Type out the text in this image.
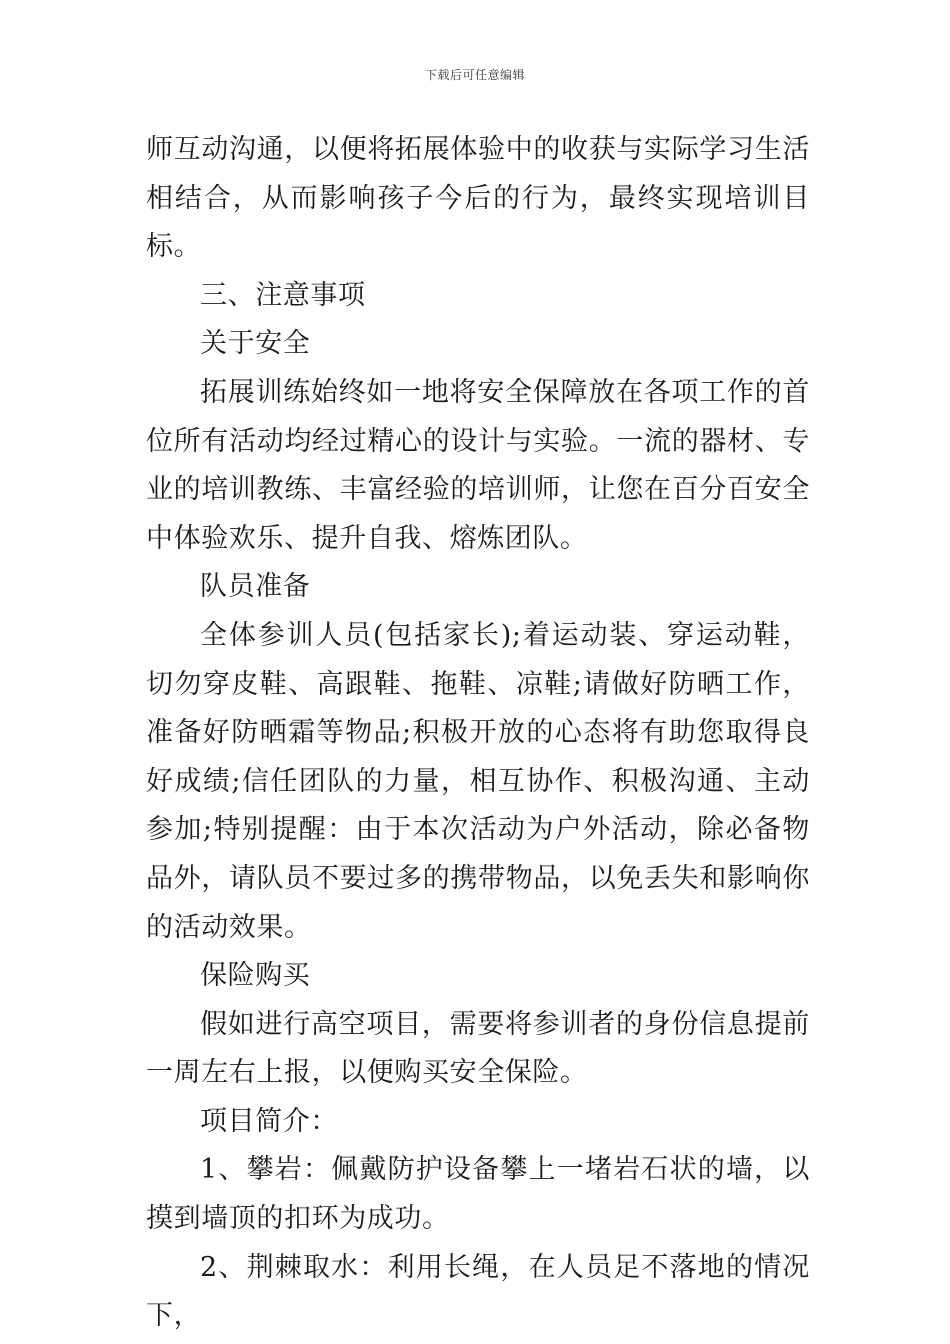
下载后可任意编辑

师互动沟通，以便将拓展体验中的收获与实际学习生活相结合，从而影响孩子今后的行为，最终实现培训目标。

三、注意事项

关于安全

拓展训练始终如一地将安全保障放在各项工作的首位所有活动均经过精心的设计与实验。一流的器材、专业的培训教练、丰富经验的培训师，让您在百分百安全中体验欢乐、提升自我、熔炼团队。

队员准备

全体参训人员(包括家长);着运动装、穿运动鞋，切勿穿皮鞋、高跟鞋、拖鞋、凉鞋;请做好防晒工作，准备好防晒霜等物品;积极开放的心态将有助您取得良好成绩;信任团队的力量，相互协作、积极沟通、主动参加;特别提醒：由于本次活动为户外活动，除必备物品外，请队员不要过多的携带物品，以免丢失和影响你的活动效果。

保险购买

假如进行高空项目，需要将参训者的身份信息提前一周左右上报，以便购买安全保险。

项目简介：

1、攀岩：佩戴防护设备攀上一堵岩石状的墙，以摸到墙顶的扣环为成功。

2、荆棘取水：利用长绳，在人员足不落地的情况下，
